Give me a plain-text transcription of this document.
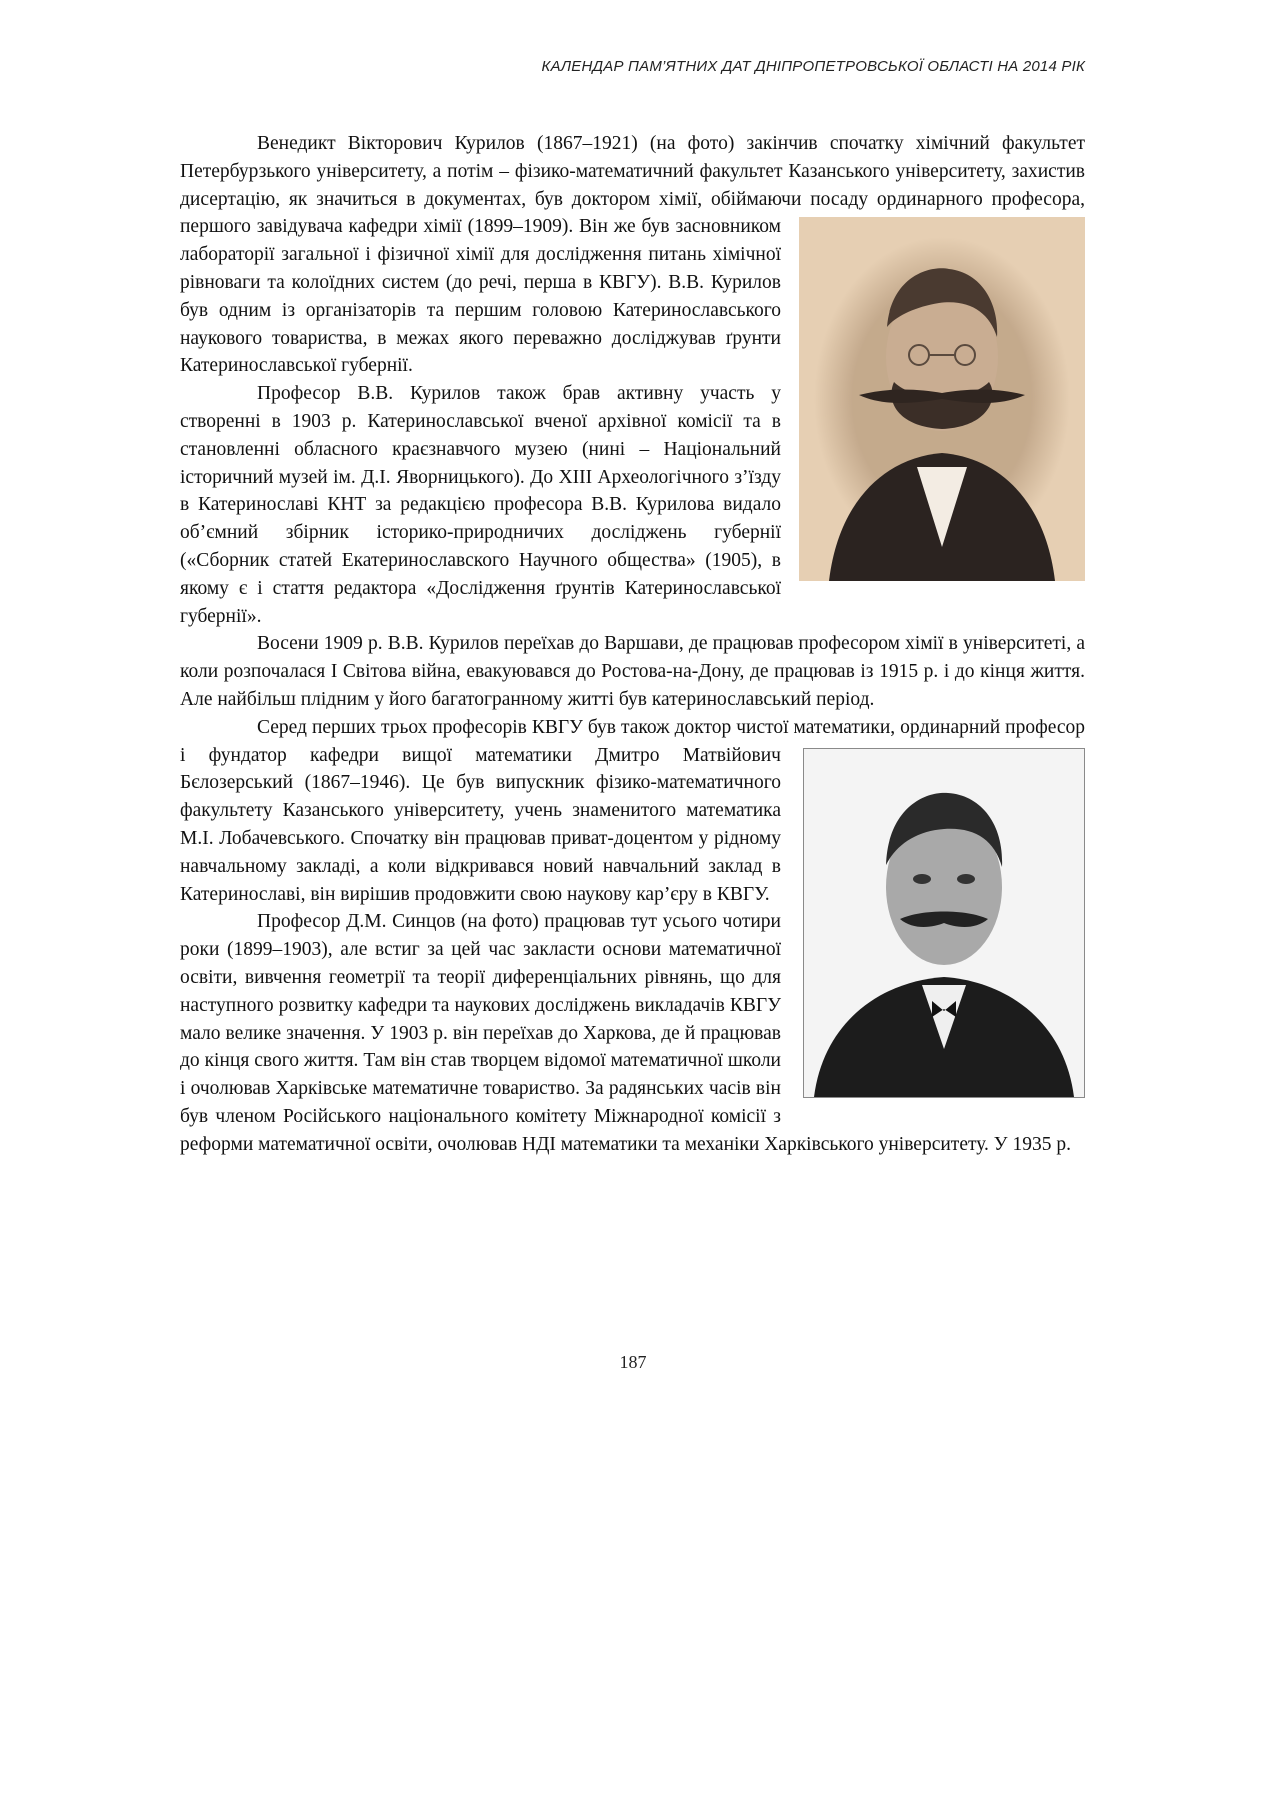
КАЛЕНДАР ПАМ’ЯТНИХ ДАТ ДНІПРОПЕТРОВСЬКОЇ ОБЛАСТІ НА 2014 РІК

Венедикт Вікторович Курилов (1867–1921) (на фото) закінчив спочатку хімічний факультет Петербурзького університету, а потім – фізико-математичний факультет Казанського університету, захистив дисертацію, як значиться в документах, був доктором хімії, обіймаючи посаду ординарного професора, першого завідувача кафедри хімії
(1899–1909). Він же був засновником лабораторії загальної і фізичної хімії для дослідження питань хімічної рівноваги та колоїдних систем (до речі, перша в КВГУ). В.В. Курилов був одним із організаторів та першим головою Катеринославського наукового товариства, в межах якого переважно досліджував ґрунти Катеринославської губернії.

Професор В.В. Курилов також брав активну участь у створенні в 1903 р. Катеринославської вченої архівної комісії та в становленні обласного краєзнавчого музею (нині – Національний історичний музей ім. Д.І. Яворницького). До XIII Археологічного з’їзду в Катеринославі КНТ за редакцією професора В.В. Курилова видало об’ємний збірник історико-природничих досліджень губернії («Сборник статей Екатеринославского Научного общества» (1905), в якому є і стаття редактора «Дослідження ґрунтів Катеринославської губернії».

Восени 1909 р. В.В. Курилов переїхав до Варшави, де працював професором хімії в університеті, а коли розпочалася І Світова війна, евакуювався до Ростова-на-Дону, де працював із 1915 р. і до кінця життя. Але найбільш плідним у його багатогранному житті був катеринославський період.

Серед перших трьох професорів КВГУ був також доктор чистої математики, ор
динарний професор і фундатор кафедри вищої математики Дмитро Матвійович Бєлозерський (1867–1946). Це був випускник фізико-математичного факультету Казанського університету, учень знаменитого математика М.І. Лобачевського. Спочатку він працював приват-доцентом у рідному навчальному закладі, а коли відкривався новий навчальний заклад в Катеринославі, він вирішив продовжити свою наукову кар’єру в КВГУ.

Професор Д.М. Синцов (на фото) працював тут усього чотири роки (1899–1903), але встиг за цей час закласти основи математичної освіти, вивчення геометрії та теорії диференціальних рівнянь, що для наступного розвитку кафедри та наукових досліджень викладачів КВГУ мало велике значення. У 1903 р. він переїхав до Харкова, де й працював до кінця свого життя. Там він став творцем відомої математичної школи і очолював Харківське математичне товариство. За радянських часів він був членом Російського національного комітету Міжнародної комісії з реформи математичної освіти, очолював НДІ математики та механіки Харківського університету. У 1935 р.

187
